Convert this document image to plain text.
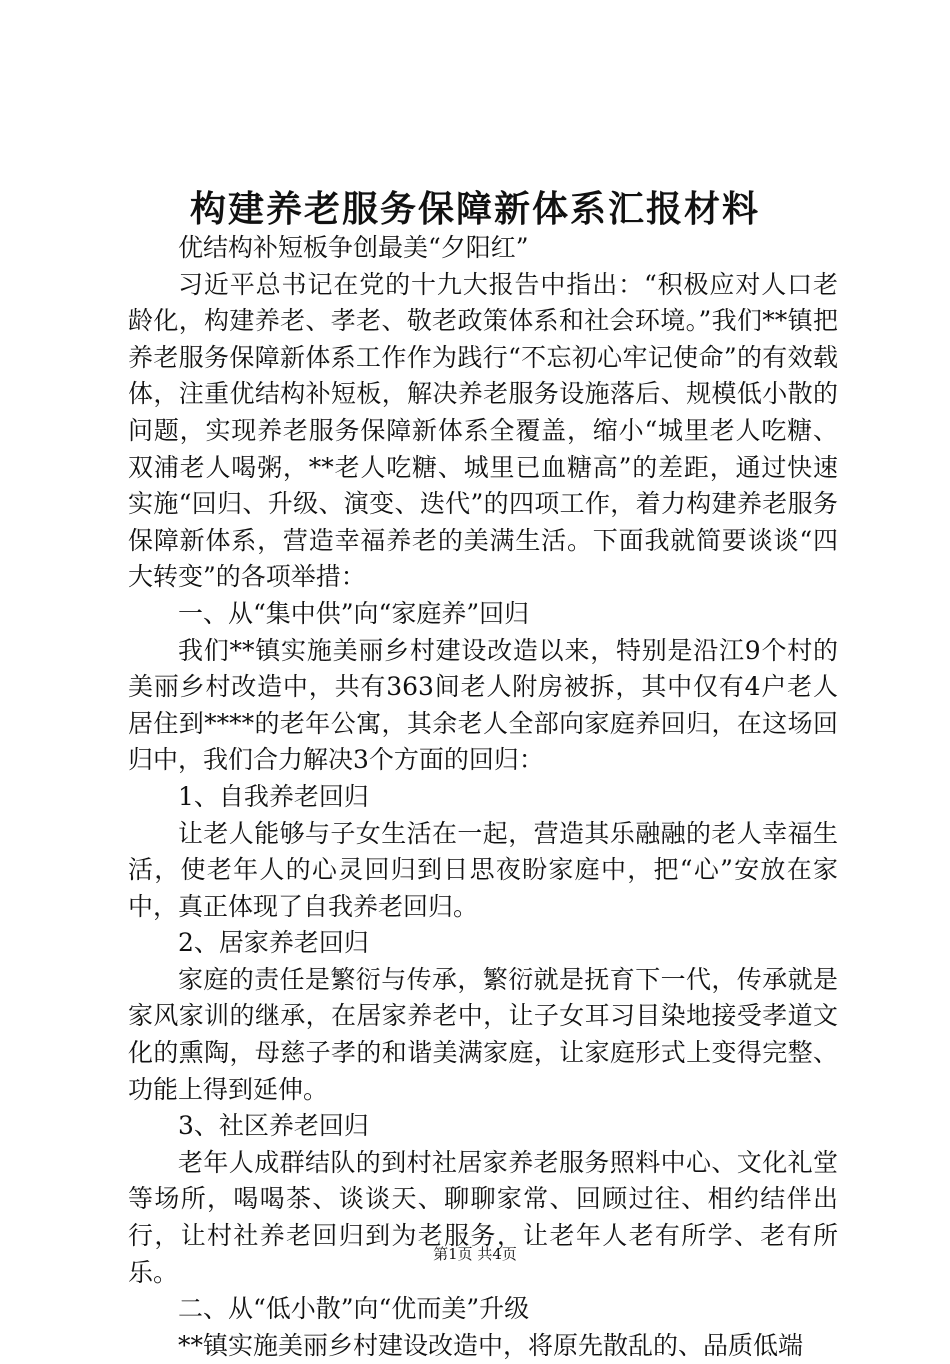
构建养老服务保障新体系汇报材料

优结构补短板争创最美“夕阳红”

习近平总书记在党的十九大报告中指出：“积极应对人口老龄化，构建养老、孝老、敬老政策体系和社会环境。”我们**镇把养老服务保障新体系工作作为践行“不忘初心牢记使命”的有效载体，注重优结构补短板，解决养老服务设施落后、规模低小散的问题，实现养老服务保障新体系全覆盖，缩小“城里老人吃糖、双浦老人喝粥，**老人吃糖、城里已血糖高”的差距，通过快速实施“回归、升级、演变、迭代”的四项工作，着力构建养老服务保障新体系，营造幸福养老的美满生活。下面我就简要谈谈“四大转变”的各项举措：

一、从“集中供”向“家庭养”回归

我们**镇实施美丽乡村建设改造以来，特别是沿江9个村的美丽乡村改造中，共有363间老人附房被拆，其中仅有4户老人居住到****的老年公寓，其余老人全部向家庭养回归，在这场回归中，我们合力解决3个方面的回归：

1、自我养老回归

让老人能够与子女生活在一起，营造其乐融融的老人幸福生活，使老年人的心灵回归到日思夜盼家庭中，把“心”安放在家中，真正体现了自我养老回归。

2、居家养老回归

家庭的责任是繁衍与传承，繁衍就是抚育下一代，传承就是家风家训的继承，在居家养老中，让子女耳习目染地接受孝道文化的熏陶，母慈子孝的和谐美满家庭，让家庭形式上变得完整、功能上得到延伸。

3、社区养老回归

老年人成群结队的到村社居家养老服务照料中心、文化礼堂等场所，喝喝茶、谈谈天、聊聊家常、回顾过往、相约结伴出行，让村社养老回归到为老服务，让老年人老有所学、老有所乐。

二、从“低小散”向“优而美”升级

**镇实施美丽乡村建设改造中，将原先散乱的、品质低端

第1页 共4页
